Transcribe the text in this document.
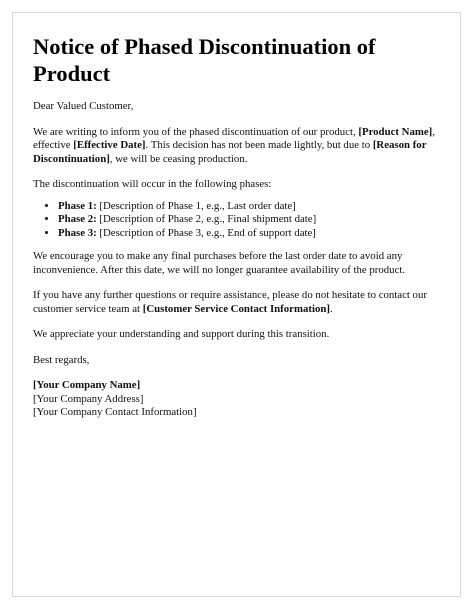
Notice of Phased Discontinuation of Product

Dear Valued Customer,

We are writing to inform you of the phased discontinuation of our product, [Product Name], effective [Effective Date]. This decision has not been made lightly, but due to [Reason for Discontinuation], we will be ceasing production.

The discontinuation will occur in the following phases:

• Phase 1: [Description of Phase 1, e.g., Last order date]
• Phase 2: [Description of Phase 2, e.g., Final shipment date]
• Phase 3: [Description of Phase 3, e.g., End of support date]

We encourage you to make any final purchases before the last order date to avoid any inconvenience. After this date, we will no longer guarantee availability of the product.

If you have any further questions or require assistance, please do not hesitate to contact our customer service team at [Customer Service Contact Information].

We appreciate your understanding and support during this transition.

Best regards,

[Your Company Name]
[Your Company Address]
[Your Company Contact Information]
